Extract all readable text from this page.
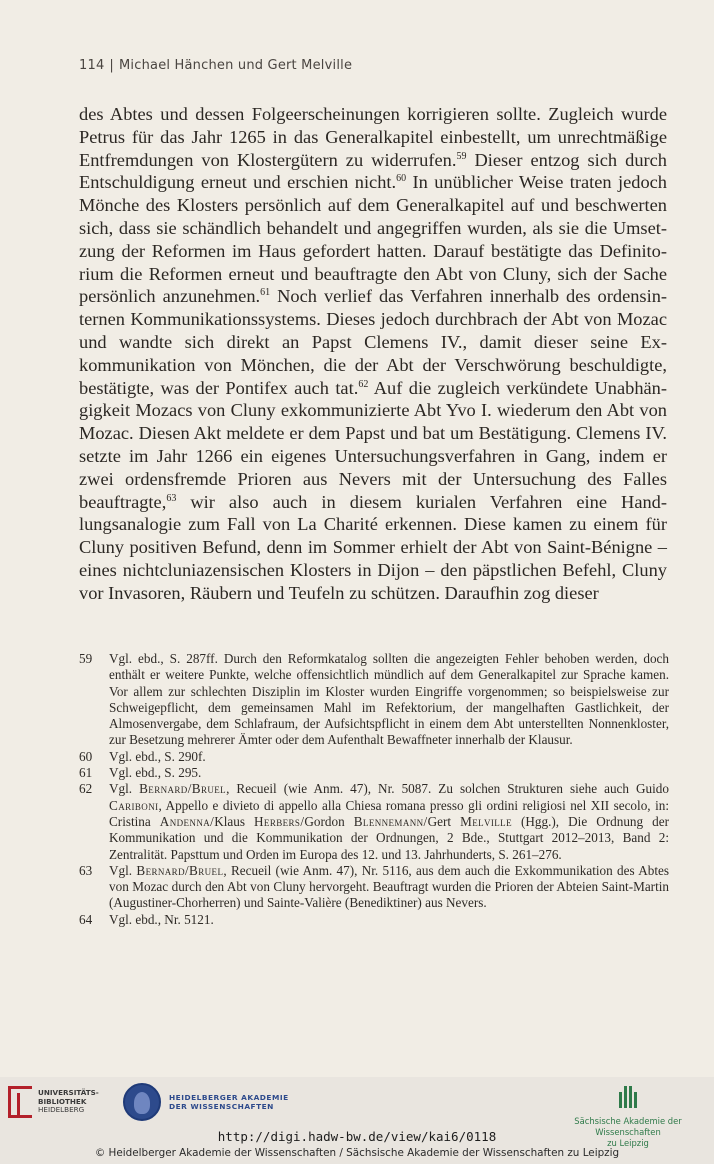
114 | Michael Hänchen und Gert Melville
des Abtes und dessen Folgeerscheinungen korrigieren sollte. Zugleich wurde Petrus für das Jahr 1265 in das Generalkapitel einbestellt, um unrechtmäßige Entfremdungen von Klostergütern zu widerrufen.$^{59}$ Dieser entzog sich durch Entschuldigung erneut und erschien nicht.$^{60}$ In unüblicher Weise traten jedoch Mönche des Klosters persönlich auf dem Generalkapitel auf und beschwerten sich, dass sie schändlich behandelt und angegriffen wurden, als sie die Umsetzung der Reformen im Haus gefordert hatten. Darauf bestätigte das Definitorium die Reformen erneut und beauftragte den Abt von Cluny, sich der Sache persönlich anzunehmen.$^{61}$ Noch verlief das Verfahren innerhalb des ordensinternen Kommunikationssystems. Dieses jedoch durchbrach der Abt von Mozac und wandte sich direkt an Papst Clemens IV., damit dieser seine Exkommunikation von Mönchen, die der Abt der Verschwörung beschuldigte, bestätigte, was der Pontifex auch tat.$^{62}$ Auf die zugleich verkündete Unabhängigkeit Mozacs von Cluny exkommunizierte Abt Yvo I. wiederum den Abt von Mozac. Diesen Akt meldete er dem Papst und bat um Bestätigung. Clemens IV. setzte im Jahr 1266 ein eigenes Untersuchungsverfahren in Gang, indem er zwei ordensfremde Prioren aus Nevers mit der Untersuchung des Falles beauftragte,$^{63}$ wir also auch in diesem kurialen Verfahren eine Handlungsanalogie zum Fall von La Charité erkennen. Diese kamen zu einem für Cluny positiven Befund, denn im Sommer erhielt der Abt von Saint-Bénigne – eines nichtcluniazensischen Klosters in Dijon – den päpstlichen Befehl, Cluny vor Invasoren, Räubern und Teufeln zu schützen. Daraufhin zog dieser
59	Vgl. ebd., S. 287ff. Durch den Reformkatalog sollten die angezeigten Fehler behoben werden, doch enthält er weitere Punkte, welche offensichtlich mündlich auf dem Generalkapitel zur Sprache kamen. Vor allem zur schlechten Disziplin im Kloster wurden Eingriffe vorgenommen; so beispielsweise zur Schweigepflicht, dem gemeinsamen Mahl im Refektorium, der mangelhaften Gastlichkeit, der Almosenvergabe, dem Schlafraum, der Aufsichtspflicht in einem dem Abt unterstellten Nonnenkloster, zur Besetzung mehrerer Ämter oder dem Aufenthalt Bewaffneter innerhalb der Klausur.
60	Vgl. ebd., S. 290f.
61	Vgl. ebd., S. 295.
62	Vgl. Bernard/Bruel, Recueil (wie Anm. 47), Nr. 5087. Zu solchen Strukturen siehe auch Guido Cariboni, Appello e divieto di appello alla Chiesa romana presso gli ordini religiosi nel XII secolo, in: Cristina Andenna/Klaus Herbers/Gordon Blennemann/Gert Melville (Hgg.), Die Ordnung der Kommunikation und die Kommunikation der Ordnungen, 2 Bde., Stuttgart 2012–2013, Band 2: Zentralität. Papsttum und Orden im Europa des 12. und 13. Jahrhunderts, S. 261–276.
63	Vgl. Bernard/Bruel, Recueil (wie Anm. 47), Nr. 5116, aus dem auch die Exkommunikation des Abtes von Mozac durch den Abt von Cluny hervorgeht. Beauftragt wurden die Prioren der Abteien Saint-Martin (Augustiner-Chorherren) und Sainte-Valière (Benediktiner) aus Nevers.
64	Vgl. ebd., Nr. 5121.
UNIVERSITÄTS-
BIBLIOTHEK
HEIDELBERG
HEIDELBERGER AKADEMIE
DER WISSENSCHAFTEN
Sächsische Akademie der Wissenschaften
zu Leipzig
http://digi.hadw-bw.de/view/kai6/0118
© Heidelberger Akademie der Wissenschaften / Sächsische Akademie der Wissenschaften zu Leipzig
